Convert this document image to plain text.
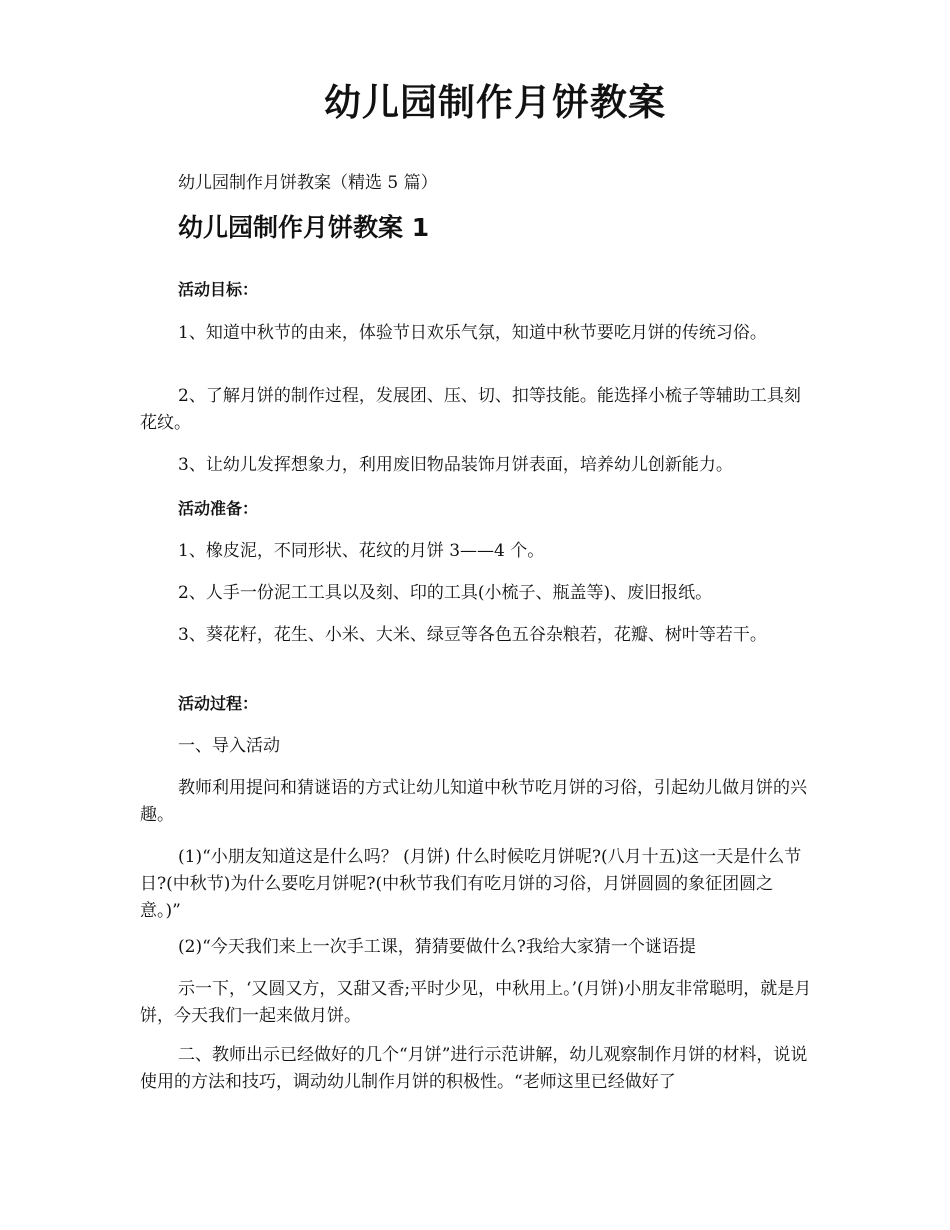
幼儿园制作月饼教案

幼儿园制作月饼教案（精选 5 篇）

幼儿园制作月饼教案 1

活动目标：

1、知道中秋节的由来，体验节日欢乐气氛，知道中秋节要吃月饼的传统习俗。

2、了解月饼的制作过程，发展团、压、切、扣等技能。能选择小梳子等辅助工具刻花纹。

3、让幼儿发挥想象力，利用废旧物品装饰月饼表面，培养幼儿创新能力。

活动准备：

1、橡皮泥，不同形状、花纹的月饼 3——4 个。

2、人手一份泥工工具以及刻、印的工具(小梳子、瓶盖等)、废旧报纸。

3、葵花籽，花生、小米、大米、绿豆等各色五谷杂粮若，花瓣、树叶等若干。

活动过程：

一、导入活动

教师利用提问和猜谜语的方式让幼儿知道中秋节吃月饼的习俗，引起幼儿做月饼的兴趣。

(1)“小朋友知道这是什么吗？ (月饼) 什么时候吃月饼呢?(八月十五)这一天是什么节日?(中秋节)为什么要吃月饼呢?(中秋节我们有吃月饼的习俗，月饼圆圆的象征团圆之意。)”

(2)“今天我们来上一次手工课，猜猜要做什么?我给大家猜一个谜语提

示一下，‘又圆又方，又甜又香;平时少见，中秋用上。’(月饼)小朋友非常聪明，就是月饼，今天我们一起来做月饼。

二、教师出示已经做好的几个“月饼”进行示范讲解，幼儿观察制作月饼的材料，说说使用的方法和技巧，调动幼儿制作月饼的积极性。“老师这里已经做好了
